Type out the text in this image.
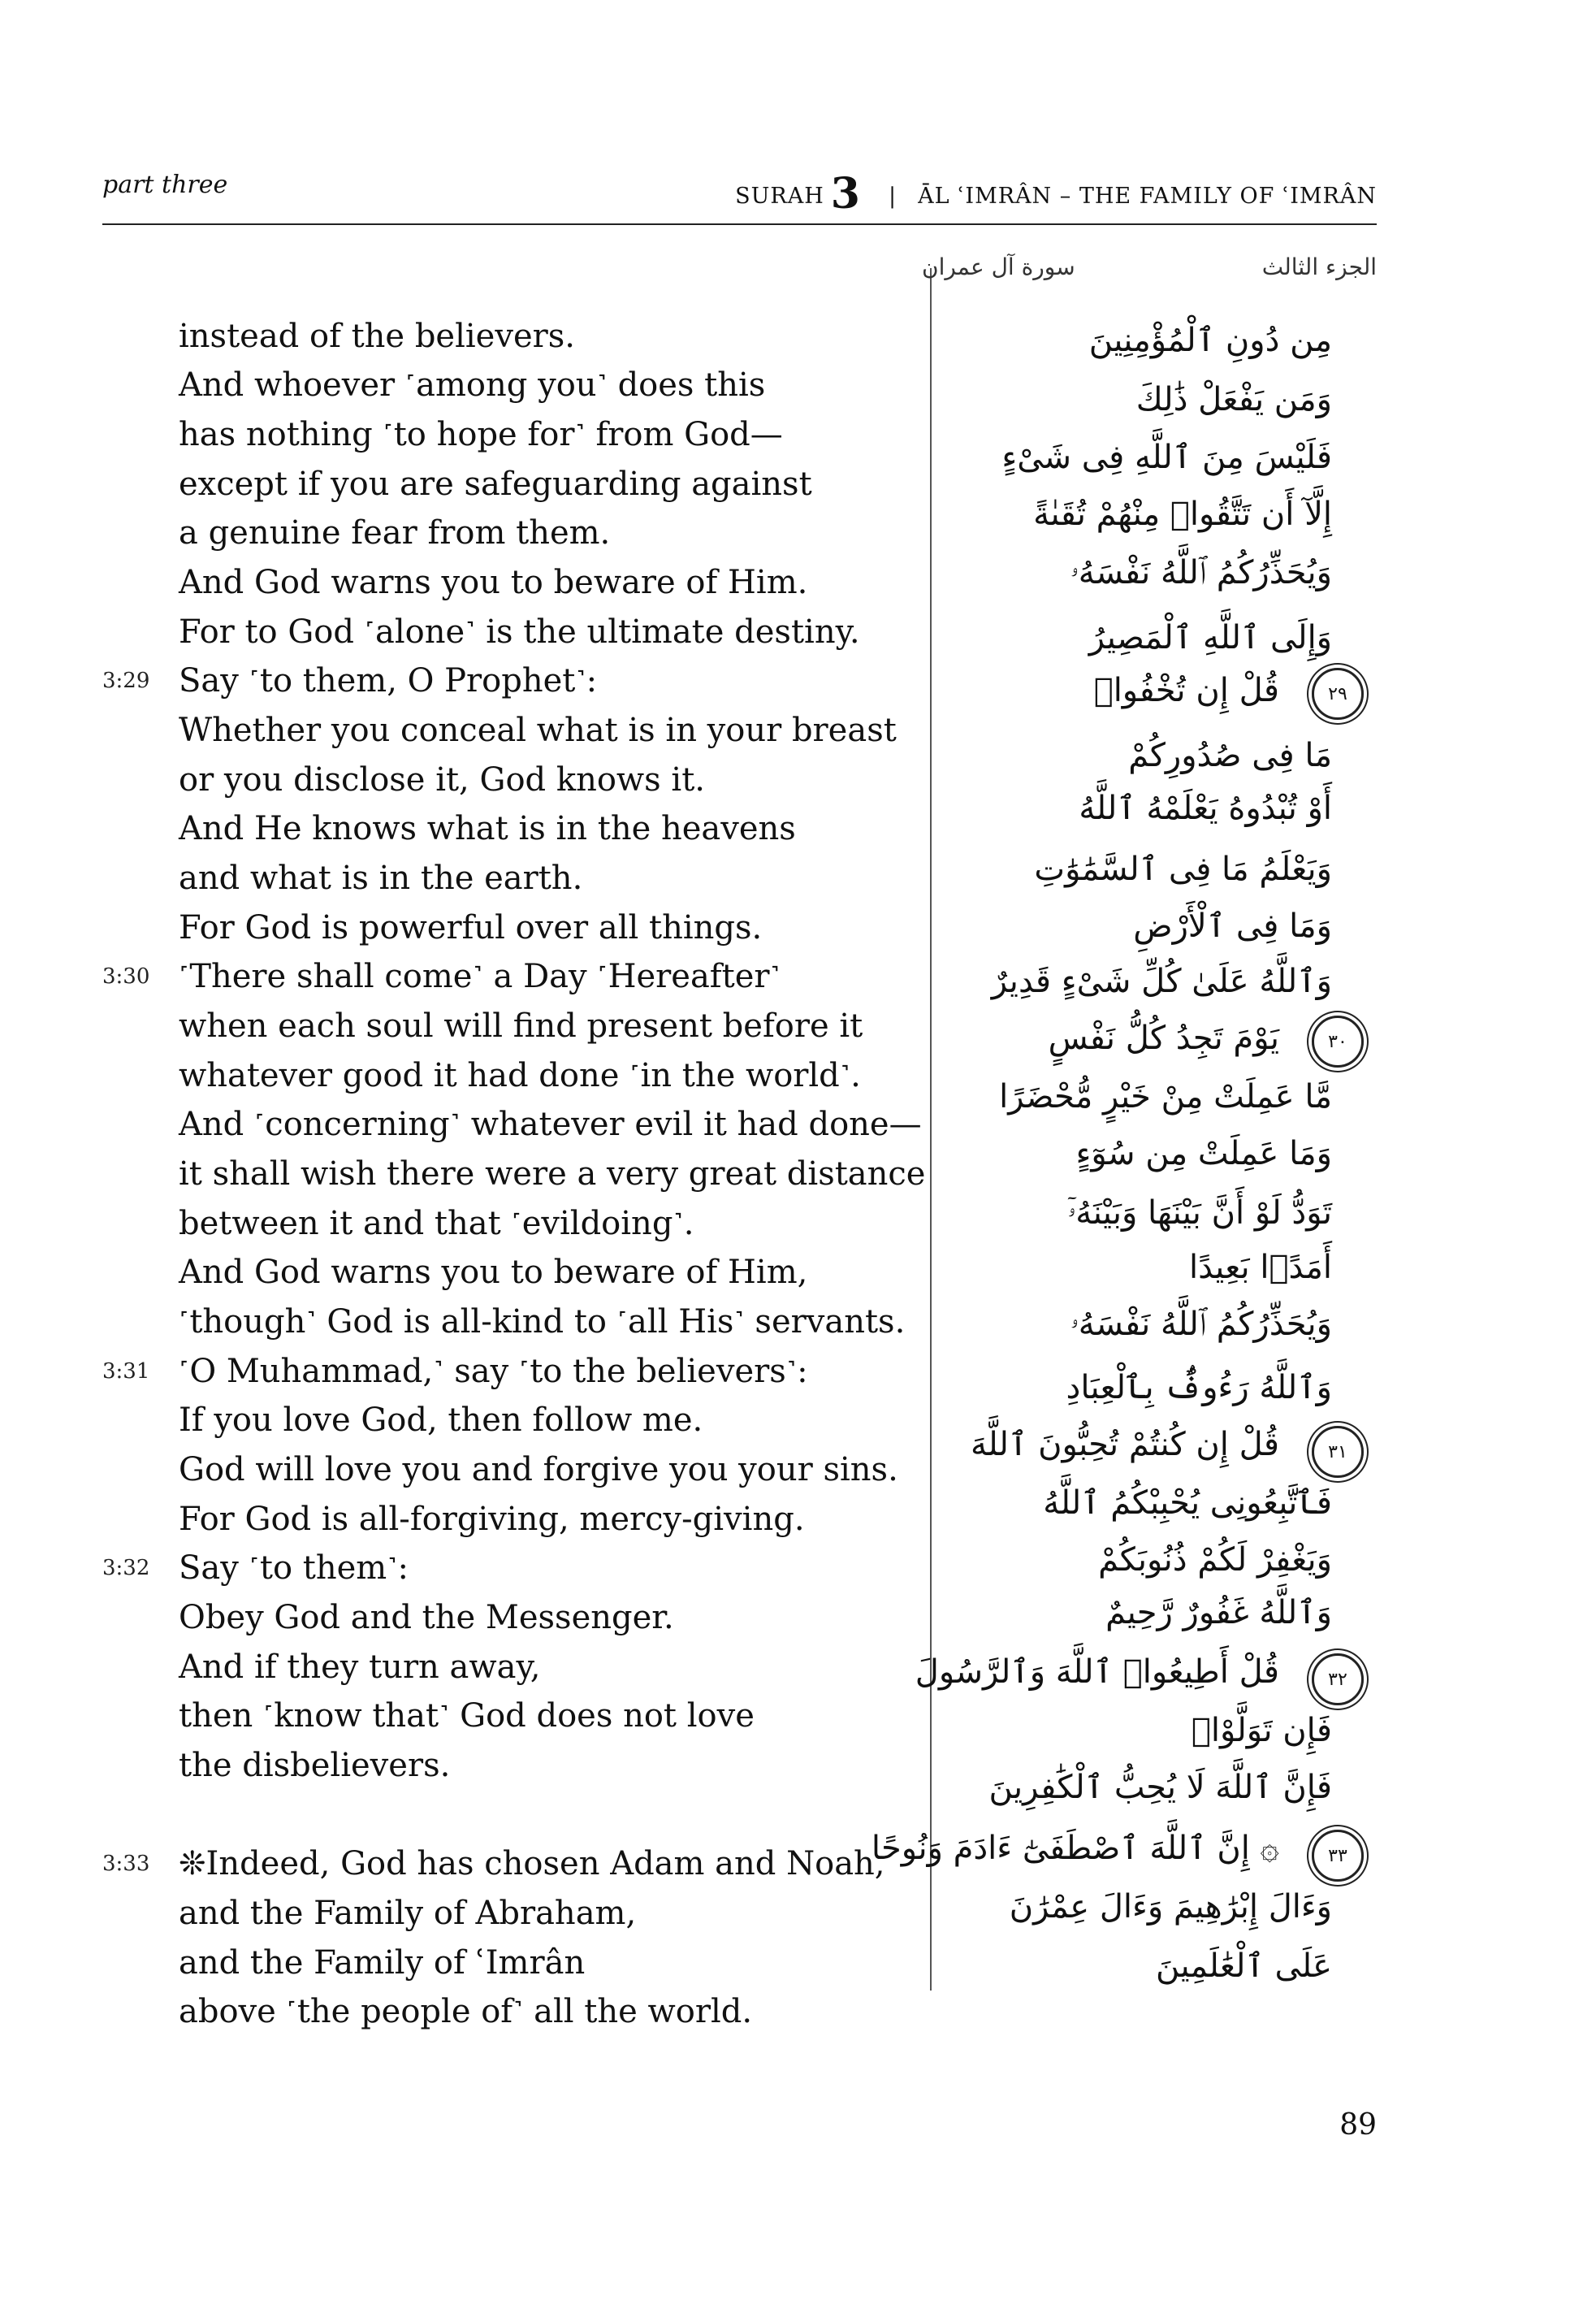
part three	SURAH 3 | ĀL ʿIMRÂN – THE FAMILY OF ʿIMRÂN
الجزء الثالث
سورة آل عمران
instead of the believers.
And whoever ˹among you˺ does this
has nothing ˹to hope for˺ from God—
except if you are safeguarding against
a genuine fear from them.
And God warns you to beware of Him.
For to God ˹alone˺ is the ultimate destiny.
3:29 Say ˹to them, O Prophet˺:
Whether you conceal what is in your breast
or you disclose it, God knows it.
And He knows what is in the heavens
and what is in the earth.
For God is powerful over all things.
3:30 ˹There shall come˺ a Day ˹Hereafter˺
when each soul will find present before it
whatever good it had done ˹in the world˺.
And ˹concerning˺ whatever evil it had done—
it shall wish there were a very great distance
between it and that ˹evildoing˺.
And God warns you to beware of Him,
˹though˺ God is all-kind to ˹all His˺ servants.
3:31 ˹O Muhammad,˺ say ˹to the believers˺:
If you love God, then follow me.
God will love you and forgive you your sins.
For God is all-forgiving, mercy-giving.
3:32 Say ˹to them˺:
Obey God and the Messenger.
And if they turn away,
then ˹know that˺ God does not love
the disbelievers.
3:33 ❊Indeed, God has chosen Adam and Noah,
and the Family of Abraham,
and the Family of ʿImrân
above ˹the people of˺ all the world.
مِن دُونِ ٱلْمُؤْمِنِينَ
وَمَن يَفْعَلْ ذَٰلِكَ
فَلَيْسَ مِنَ ٱللَّهِ فِى شَىْءٍ
إِلَّآ أَن تَتَّقُوا۟ مِنْهُمْ تُقَىٰةً
وَيُحَذِّرُكُمُ ٱللَّهُ نَفْسَهُۥ
وَإِلَى ٱللَّهِ ٱلْمَصِيرُ
٢٩
قُلْ إِن تُخْفُوا۟
مَا فِى صُدُورِكُمْ
أَوْ تُبْدُوهُ يَعْلَمْهُ ٱللَّهُ
وَيَعْلَمُ مَا فِى ٱلسَّمَٰوَٰتِ
وَمَا فِى ٱلْأَرْضِ
وَٱللَّهُ عَلَىٰ كُلِّ شَىْءٍ قَدِيرٌ
٣٠
يَوْمَ تَجِدُ كُلُّ نَفْسٍ
مَّا عَمِلَتْ مِنْ خَيْرٍ مُّحْضَرًا
وَمَا عَمِلَتْ مِن سُوٓءٍ
تَوَدُّ لَوْ أَنَّ بَيْنَهَا وَبَيْنَهُۥٓ
أَمَدًۢا بَعِيدًا
وَيُحَذِّرُكُمُ ٱللَّهُ نَفْسَهُۥ
وَٱللَّهُ رَءُوفٌۢ بِٱلْعِبَادِ
٣١
قُلْ إِن كُنتُمْ تُحِبُّونَ ٱللَّهَ
فَٱتَّبِعُونِى يُحْبِبْكُمُ ٱللَّهُ
وَيَغْفِرْ لَكُمْ ذُنُوبَكُمْ
وَٱللَّهُ غَفُورٌ رَّحِيمٌ
٣٢
قُلْ أَطِيعُوا۟ ٱللَّهَ وَٱلرَّسُولَ
فَإِن تَوَلَّوْا۟
فَإِنَّ ٱللَّهَ لَا يُحِبُّ ٱلْكَٰفِرِينَ
٣٣
۞ إِنَّ ٱللَّهَ ٱصْطَفَىٰٓ ءَادَمَ وَنُوحًا
وَءَالَ إِبْرَٰهِيمَ وَءَالَ عِمْرَٰنَ
عَلَى ٱلْعَٰلَمِينَ
89
